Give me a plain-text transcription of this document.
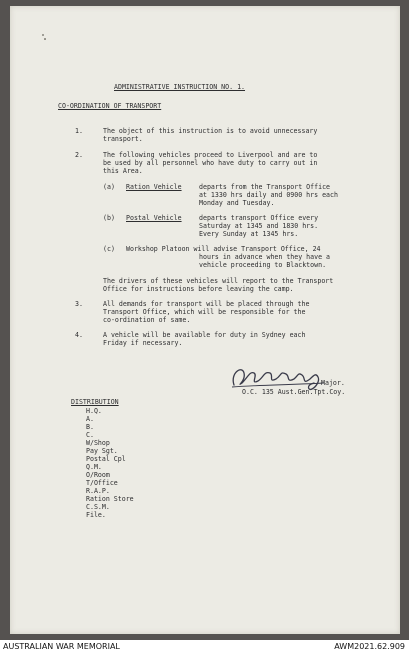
ADMINISTRATIVE INSTRUCTION NO. 1.
CO-ORDINATION OF TRANSPORT
1.	The object of this instruction is to avoid unnecessary
transport.
2.	The following vehicles proceed to Liverpool and are to
be used by all personnel who have duty to carry out in
this Area.
(a) Ration Vehicle	departs from the Transport Office
at 1330 hrs daily and 0900 hrs each
Monday and Tuesday.
(b) Postal Vehicle	departs transport Office every
Saturday at 1345 and 1830 hrs.
Every Sunday at 1345 hrs.
(c) Workshop Platoon will advise Transport Office, 24
hours in advance when they have a
vehicle proceeding to Blacktown.
The drivers of these vehicles will report to the Transport
Office for instructions before leaving the camp.
3.	All demands for transport will be placed through the
Transport Office, which will be responsible for the
co-ordination of same.
4.	A vehicle will be available for duty in Sydney each
Friday if necessary.
Major.
O.C. 135 Aust.Gen.Tpt.Coy.
DISTRIBUTION
H.Q.
A.
B.
C.
W/Shop
Pay Sgt.
Postal Cpl
Q.M.
O/Room
T/Office
R.A.P.
Ration Store
C.S.M.
File.
AUSTRALIAN WAR MEMORIAL	AWM2021.62.909
